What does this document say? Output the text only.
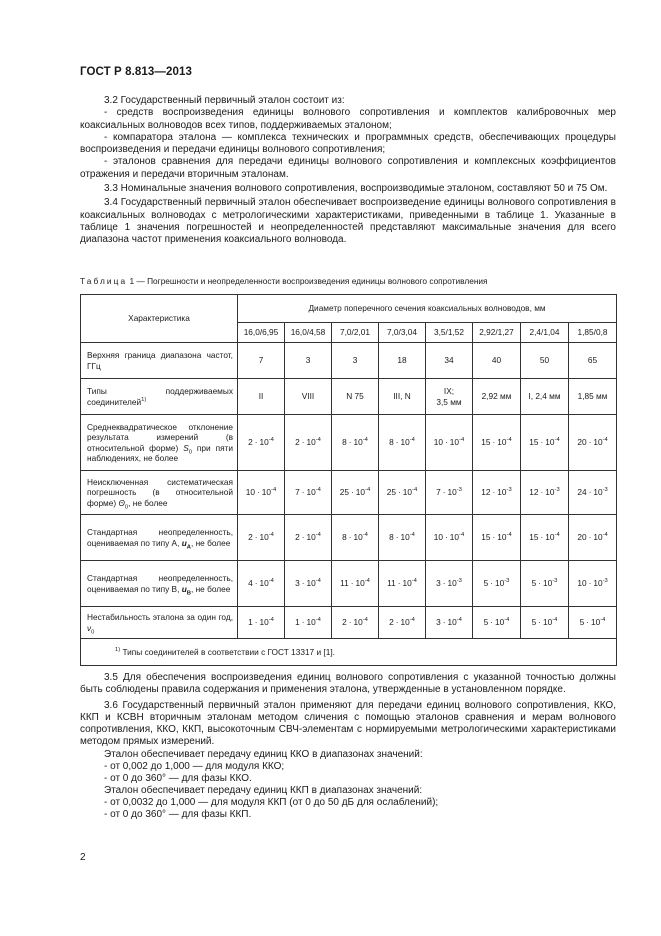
ГОСТ Р 8.813—2013

3.2 Государственный первичный эталон состоит из:

- средств воспроизведения единицы волнового сопротивления и комплектов калибровочных мер коаксиальных волноводов всех типов, поддерживаемых эталоном;

- компаратора эталона — комплекса технических и программных средств, обеспечивающих процедуры воспроизведения и передачи единицы волнового сопротивления;

- эталонов сравнения для передачи единицы волнового сопротивления и комплексных коэффициентов отражения и передачи вторичным эталонам.

3.3 Номинальные значения волнового сопротивления, воспроизводимые эталоном, составляют 50 и 75 Ом.

3.4 Государственный первичный эталон обеспечивает воспроизведение единицы волнового сопротивления в коаксиальных волноводах с метрологическими характеристиками, приведенными в таблице 1. Указанные в таблице 1 значения погрешностей и неопределенностей представляют максимальные значения для всего диапазона частот применения коаксиального волновода.

Таблица 1 — Погрешности и неопределенности воспроизведения единицы волнового сопротивления
Характеристика	Диаметр поперечного сечения коаксиальных волноводов, мм							
	16,0/6,95	16,0/4,58	7,0/2,01	7,0/3,04	3,5/1,52	2,92/1,27	2,4/1,04	1,85/0,8
Верхняя граница диапазона частот, ГГц	7	3	3	18	34	40	50	65
Типы поддерживаемых соединителей$^{1)}$	II	VIII	N 75	III, N	IX;
3,5 мм	2,92 мм	I, 2,4 мм	1,85 мм
Среднеквадратическое отклонение результата измерений (в относительной форме) $S_0$ при пяти наблюдениях, не более	$2 \cdot 10^{-4}$	$2 \cdot 10^{-4}$	$8 \cdot 10^{-4}$	$8 \cdot 10^{-4}$	$10 \cdot 10^{-4}$	$15 \cdot 10^{-4}$	$15 \cdot 10^{-4}$	$20 \cdot 10^{-4}$
Неисключенная систематическая погрешность (в относительной форме) $\Theta_0$, не более	$10 \cdot 10^{-4}$	$7 \cdot 10^{-4}$	$25 \cdot 10^{-4}$	$25 \cdot 10^{-4}$	$7 \cdot 10^{-3}$	$12 \cdot 10^{-3}$	$12 \cdot 10^{-3}$	$24 \cdot 10^{-3}$
Стандартная неопределенность, оцениваемая по типу А, $u_A$, не более	$2 \cdot 10^{-4}$	$2 \cdot 10^{-4}$	$8 \cdot 10^{-4}$	$8 \cdot 10^{-4}$	$10 \cdot 10^{-4}$	$15 \cdot 10^{-4}$	$15 \cdot 10^{-4}$	$20 \cdot 10^{-4}$
Стандартная неопределенность, оцениваемая по типу В, $u_B$, не более	$4 \cdot 10^{-4}$	$3 \cdot 10^{-4}$	$11 \cdot 10^{-4}$	$11 \cdot 10^{-4}$	$3 \cdot 10^{-3}$	$5 \cdot 10^{-3}$	$5 \cdot 10^{-3}$	$10 \cdot 10^{-3}$
Нестабильность эталона за один год, $\nu_0$	$1 \cdot 10^{-4}$	$1 \cdot 10^{-4}$	$2 \cdot 10^{-4}$	$2 \cdot 10^{-4}$	$3 \cdot 10^{-4}$	$5 \cdot 10^{-4}$	$5 \cdot 10^{-4}$	$5 \cdot 10^{-4}$
$^{1)}$ Типы соединителей в соответствии с ГОСТ 13317 и [1].								

3.5 Для обеспечения воспроизведения единиц волнового сопротивления с указанной точностью должны быть соблюдены правила содержания и применения эталона, утвержденные в установленном порядке.

3.6 Государственный первичный эталон применяют для передачи единиц волнового сопротивления, ККО, ККП и КСВН вторичным эталонам методом сличения с помощью эталонов сравнения и мерам волнового сопротивления, ККО, ККП, высокоточным СВЧ-элементам с нормируемыми метрологическими характеристиками методом прямых измерений.

Эталон обеспечивает передачу единиц ККО в диапазонах значений:

- от 0,002 до 1,000 — для модуля ККО;

- от 0 до 360° — для фазы ККО.

Эталон обеспечивает передачу единиц ККП в диапазонах значений:

- от 0,0032 до 1,000 — для модуля ККП (от 0 до 50 дБ для ослаблений);

- от 0 до 360° — для фазы ККП.

2
